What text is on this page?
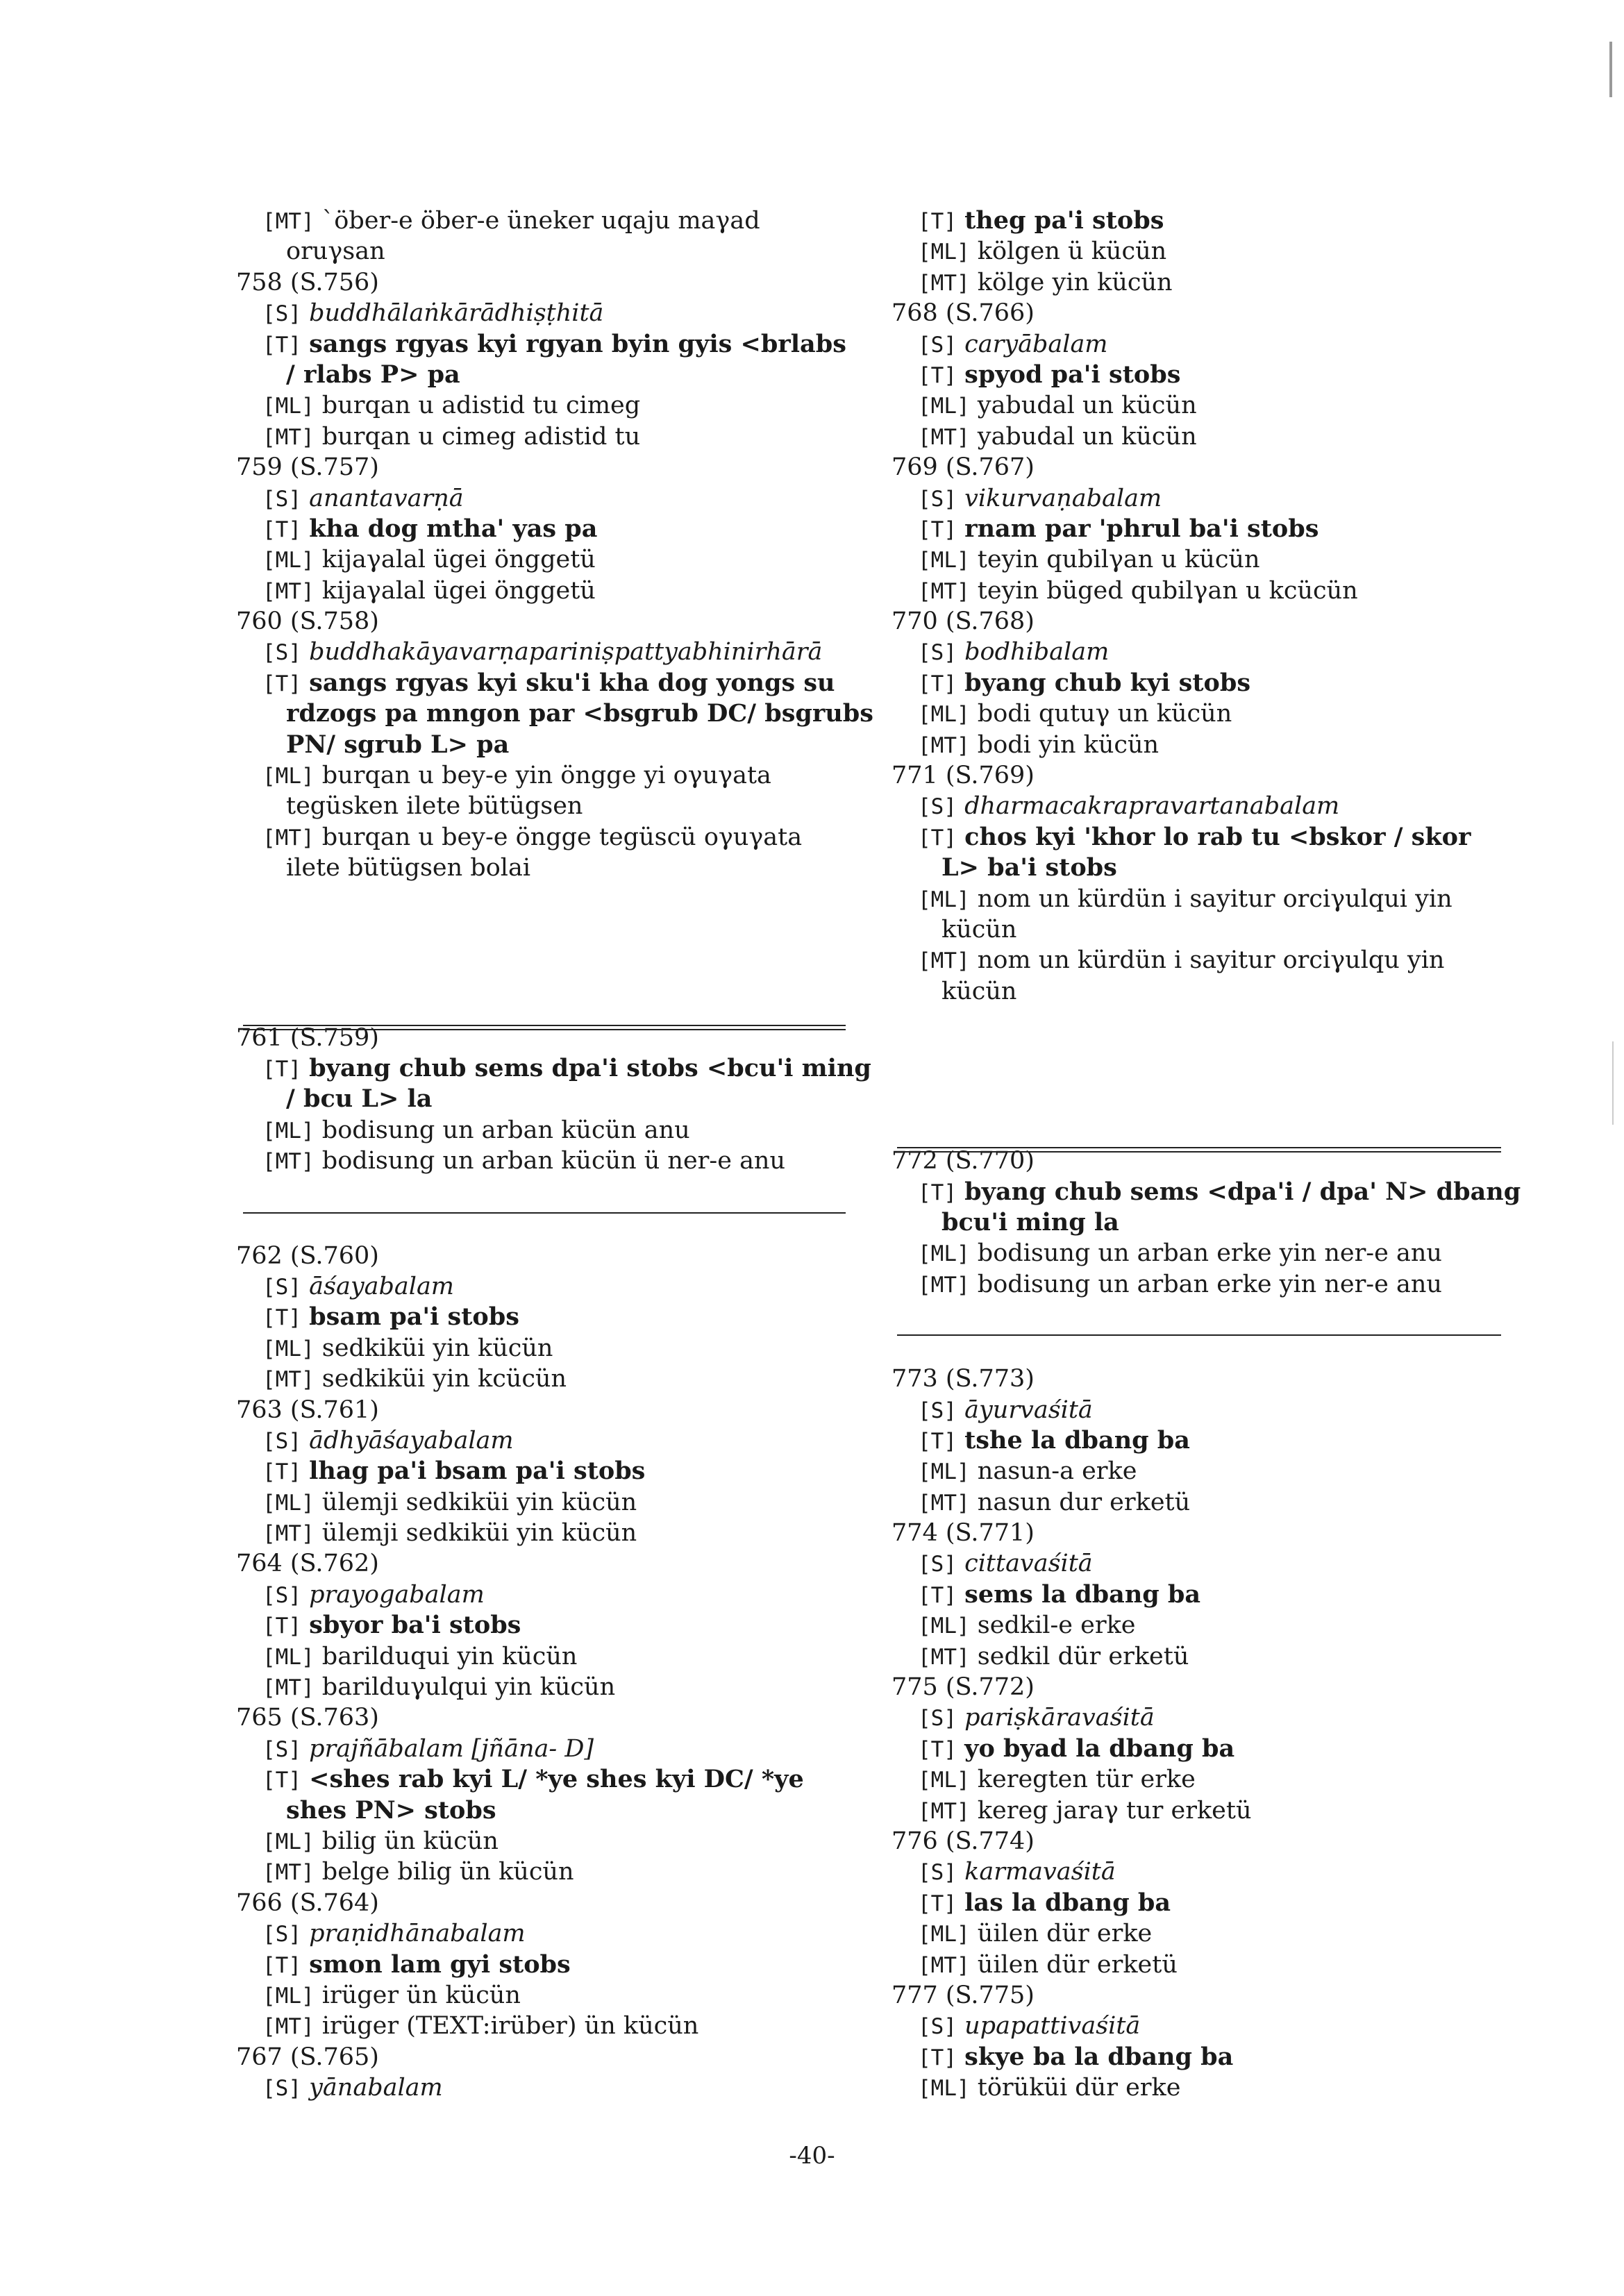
[MT] `öber-e öber-e üneker uqaju maγad
oruγsan
758 (S.756)
[S] buddhālaṅkārādhiṣṭhitā
[T] sangs rgyas kyi rgyan byin gyis <brlabs
/ rlabs P> pa
[ML] burqan u adistid tu cimeg
[MT] burqan u cimeg adistid tu
759 (S.757)
[S] anantavarṇā
[T] kha dog mtha' yas pa
[ML] kijaγalal ügei önggetü
[MT] kijaγalal ügei önggetü
760 (S.758)
[S] buddhakāyavarṇapariniṣpattyabhinirhārā
[T] sangs rgyas kyi sku'i kha dog yongs su
rdzogs pa mngon par <bsgrub DC/ bsgrubs
PN/ sgrub L> pa
[ML] burqan u bey-e yin öngge yi oγuγata
tegüsken ilete bütügsen
[MT] burqan u bey-e öngge tegüscü oγuγata
ilete bütügsen bolai
761 (S.759)
[T] byang chub sems dpa'i stobs <bcu'i ming
/ bcu L> la
[ML] bodisung un arban kücün anu
[MT] bodisung un arban kücün ü ner-e anu
762 (S.760)
[S] āśayabalam
[T] bsam pa'i stobs
[ML] sedkiküi yin kücün
[MT] sedkiküi yin kcücün
763 (S.761)
[S] ādhyāśayabalam
[T] lhag pa'i bsam pa'i stobs
[ML] ülemji sedkiküi yin kücün
[MT] ülemji sedkiküi yin kücün
764 (S.762)
[S] prayogabalam
[T] sbyor ba'i stobs
[ML] barilduqui yin kücün
[MT] barilduγulqui yin kücün
765 (S.763)
[S] prajñābalam [jñāna- D]
[T] <shes rab kyi L/ *ye shes kyi DC/ *ye
shes PN> stobs
[ML] bilig ün kücün
[MT] belge bilig ün kücün
766 (S.764)
[S] praṇidhānabalam
[T] smon lam gyi stobs
[ML] irüger ün kücün
[MT] irüger (TEXT:irüber) ün kücün
767 (S.765)
[S] yānabalam
[T] theg pa'i stobs
[ML] kölgen ü kücün
[MT] kölge yin kücün
768 (S.766)
[S] caryābalam
[T] spyod pa'i stobs
[ML] yabudal un kücün
[MT] yabudal un kücün
769 (S.767)
[S] vikurvaṇabalam
[T] rnam par 'phrul ba'i stobs
[ML] teyin qubilγan u kücün
[MT] teyin büged qubilγan u kcücün
770 (S.768)
[S] bodhibalam
[T] byang chub kyi stobs
[ML] bodi qutuγ un kücün
[MT] bodi yin kücün
771 (S.769)
[S] dharmacakrapravartanabalam
[T] chos kyi 'khor lo rab tu <bskor / skor
L> ba'i stobs
[ML] nom un kürdün i sayitur orciγulqui yin
kücün
[MT] nom un kürdün i sayitur orciγulqu yin
kücün
772 (S.770)
[T] byang chub sems <dpa'i / dpa' N> dbang
bcu'i ming la
[ML] bodisung un arban erke yin ner-e anu
[MT] bodisung un arban erke yin ner-e anu
773 (S.773)
[S] āyurvaśitā
[T] tshe la dbang ba
[ML] nasun-a erke
[MT] nasun dur erketü
774 (S.771)
[S] cittavaśitā
[T] sems la dbang ba
[ML] sedkil-e erke
[MT] sedkil dür erketü
775 (S.772)
[S] pariṣkāravaśitā
[T] yo byad la dbang ba
[ML] keregten tür erke
[MT] kereg jaraγ tur erketü
776 (S.774)
[S] karmavaśitā
[T] las la dbang ba
[ML] üilen dür erke
[MT] üilen dür erketü
777 (S.775)
[S] upapattivaśitā
[T] skye ba la dbang ba
[ML] törüküi dür erke
-40-
